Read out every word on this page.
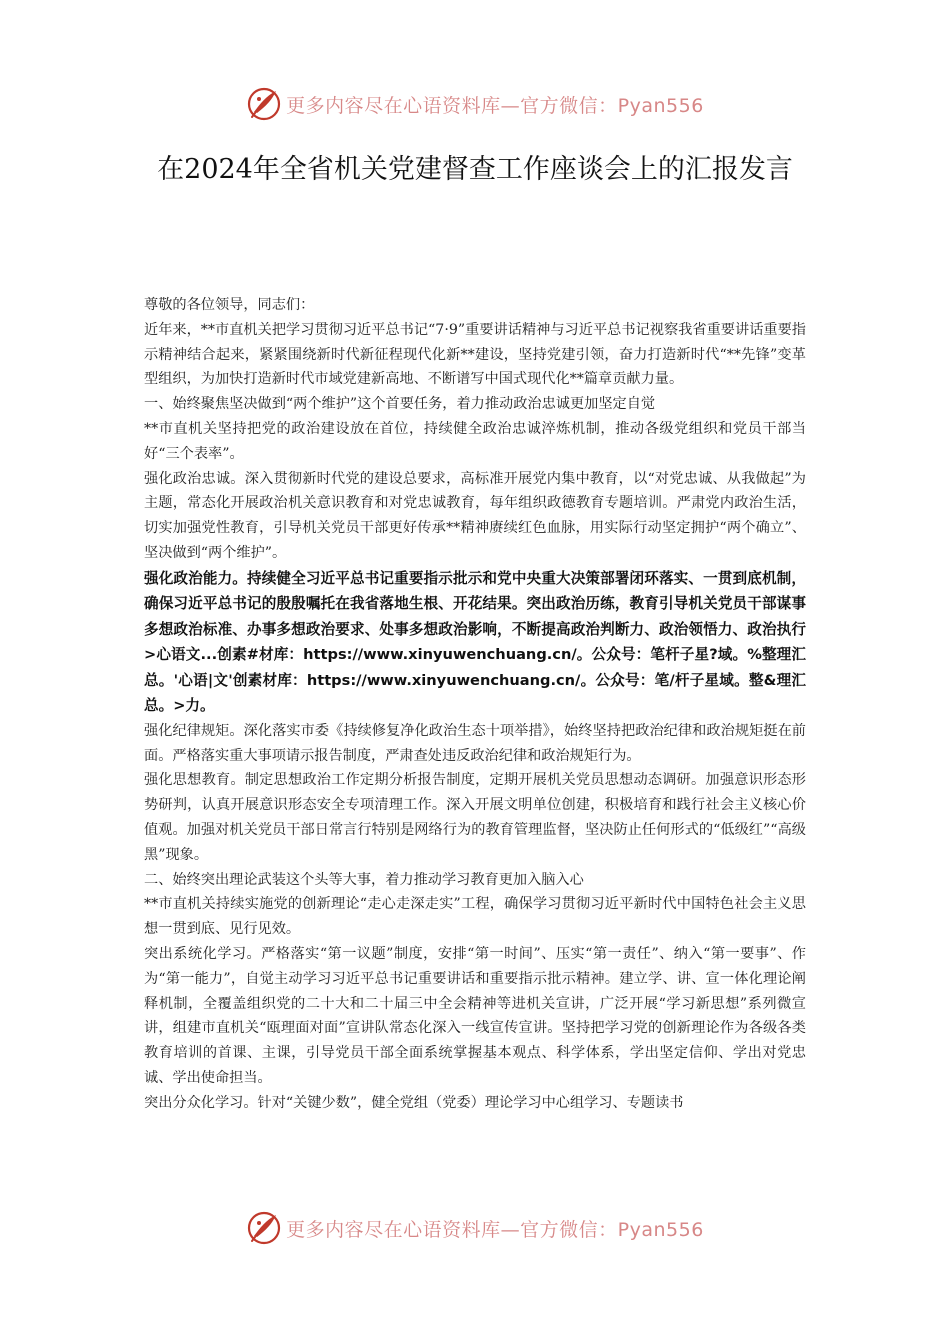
更多内容尽在心语资料库—官方微信：Pyan556
在2024年全省机关党建督查工作座谈会上的汇报发言

尊敬的各位领导，同志们：

近年来，**市直机关把学习贯彻习近平总书记“7·9”重要讲话精神与习近平总书记视察我省重要讲话重要指示精神结合起来，紧紧围绕新时代新征程现代化新**建设，坚持党建引领，奋力打造新时代“**先锋”变革型组织，为加快打造新时代市域党建新高地、不断谱写中国式现代化**篇章贡献力量。

一、始终聚焦坚决做到“两个维护”这个首要任务，着力推动政治忠诚更加坚定自觉

**市直机关坚持把党的政治建设放在首位，持续健全政治忠诚淬炼机制，推动各级党组织和党员干部当好“三个表率”。

强化政治忠诚。深入贯彻新时代党的建设总要求，高标准开展党内集中教育，以“对党忠诚、从我做起”为主题，常态化开展政治机关意识教育和对党忠诚教育，每年组织政德教育专题培训。严肃党内政治生活，切实加强党性教育，引导机关党员干部更好传承**精神赓续红色血脉，用实际行动坚定拥护“两个确立”、坚决做到“两个维护”。

强化政治能力。持续健全习近平总书记重要指示批示和党中央重大决策部署闭环落实、一贯到底机制，确保习近平总书记的殷殷嘱托在我省落地生根、开花结果。突出政治历练，教育引导机关党员干部谋事多想政治标准、办事多想政治要求、处事多想政治影响，不断提高政治判断力、政治领悟力、政治执行>心语文...创素#材库：https://www.xinyuwenchuang.cn/。公众号：笔杆子星?域。%整理汇总。'心语|文'创素材库：https://www.xinyuwenchuang.cn/。公众号：笔/杆子星域。整&理汇总。>力。

强化纪律规矩。深化落实市委《持续修复净化政治生态十项举措》，始终坚持把政治纪律和政治规矩挺在前面。严格落实重大事项请示报告制度，严肃查处违反政治纪律和政治规矩行为。

强化思想教育。制定思想政治工作定期分析报告制度，定期开展机关党员思想动态调研。加强意识形态形势研判，认真开展意识形态安全专项清理工作。深入开展文明单位创建，积极培育和践行社会主义核心价值观。加强对机关党员干部日常言行特别是网络行为的教育管理监督，坚决防止任何形式的“低级红”“高级黑”现象。

二、始终突出理论武装这个头等大事，着力推动学习教育更加入脑入心

**市直机关持续实施党的创新理论“走心走深走实”工程，确保学习贯彻习近平新时代中国特色社会主义思想一贯到底、见行见效。

突出系统化学习。严格落实“第一议题”制度，安排“第一时间”、压实“第一责任”、纳入“第一要事”、作为“第一能力”，自觉主动学习习近平总书记重要讲话和重要指示批示精神。建立学、讲、宣一体化理论阐释机制，全覆盖组织党的二十大和二十届三中全会精神等进机关宣讲，广泛开展“学习新思想”系列微宣讲，组建市直机关“瓯理面对面”宣讲队常态化深入一线宣传宣讲。坚持把学习党的创新理论作为各级各类教育培训的首课、主课，引导党员干部全面系统掌握基本观点、科学体系，学出坚定信仰、学出对党忠诚、学出使命担当。

突出分众化学习。针对“关键少数”，健全党组（党委）理论学习中心组学习、专题读书

更多内容尽在心语资料库—官方微信：Pyan556
